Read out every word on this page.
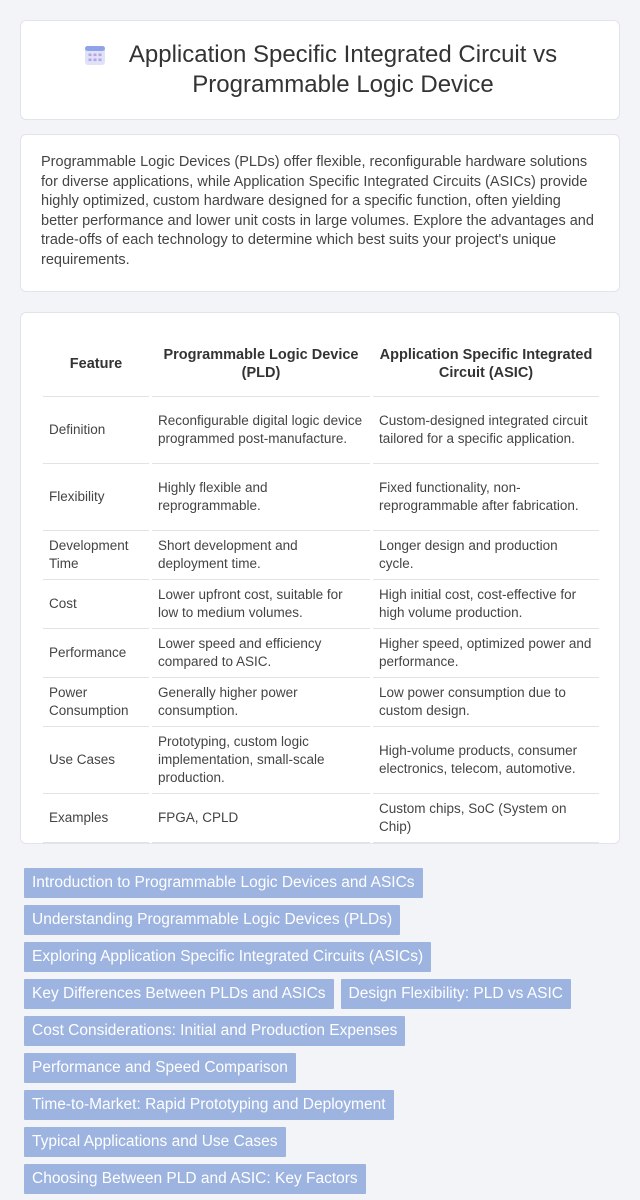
Application Specific Integrated Circuit vs
Programmable Logic Device

Programmable Logic Devices (PLDs) offer flexible, reconfigurable hardware solutions for diverse applications, while Application Specific Integrated Circuits (ASICs) provide highly optimized, custom hardware designed for a specific function, often yielding better performance and lower unit costs in large volumes. Explore the advantages and trade-offs of each technology to determine which best suits your project's unique requirements.

Feature		Programmable Logic Device (PLD)		Application Specific Integrated Circuit (ASIC)
Definition		Reconfigurable digital logic device programmed post-manufacture.		Custom-designed integrated circuit tailored for a specific application.
Flexibility		Highly flexible and reprogrammable.		Fixed functionality, non-reprogrammable after fabrication.
Development Time		Short development and deployment time.		Longer design and production cycle.
Cost		Lower upfront cost, suitable for low to medium volumes.		High initial cost, cost-effective for high volume production.
Performance		Lower speed and efficiency compared to ASIC.		Higher speed, optimized power and performance.
Power Consumption		Generally higher power consumption.		Low power consumption due to custom design.
Use Cases		Prototyping, custom logic implementation, small-scale production.		High-volume products, consumer electronics, telecom, automotive.
Examples		FPGA, CPLD		Custom chips, SoC (System on Chip)
Introduction to Programmable Logic Devices and ASICs
Understanding Programmable Logic Devices (PLDs)
Exploring Application Specific Integrated Circuits (ASICs)
Key Differences Between PLDs and ASICs Design Flexibility: PLD vs ASIC
Cost Considerations: Initial and Production Expenses
Performance and Speed Comparison
Time-to-Market: Rapid Prototyping and Deployment
Typical Applications and Use Cases
Choosing Between PLD and ASIC: Key Factors
